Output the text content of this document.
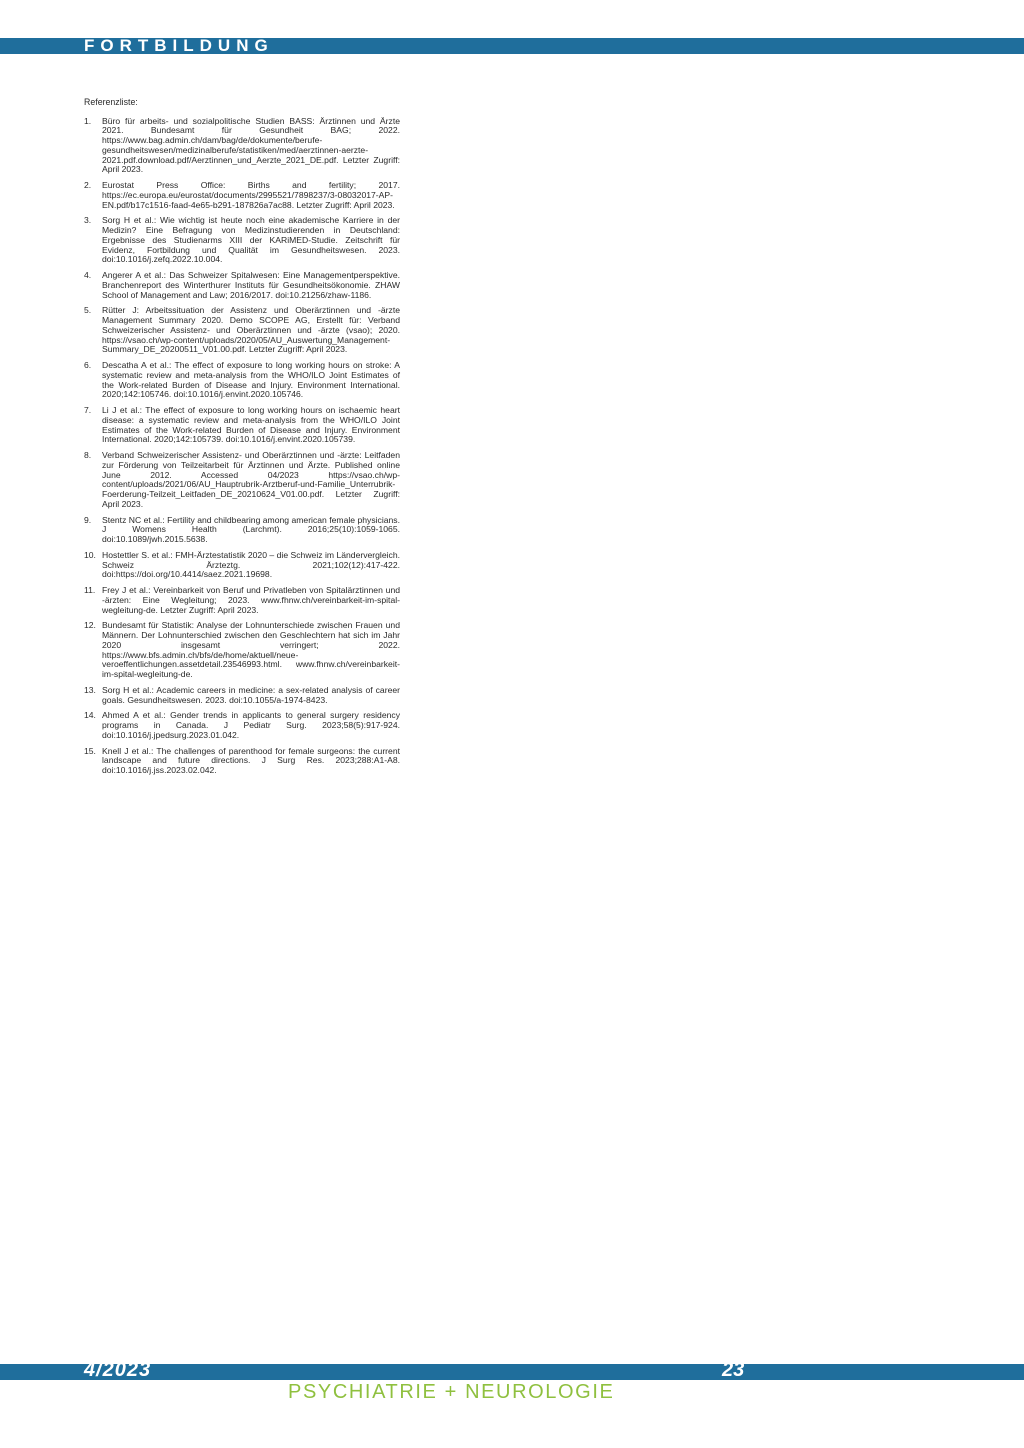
FORTBILDUNG

Referenzliste:

1.	Büro für arbeits- und sozialpolitische Studien BASS: Ärztinnen und Ärzte 2021. Bundesamt für Gesundheit BAG; 2022. https://www.bag.admin.ch/dam/bag/de/dokumente/berufe-gesundheitswesen/medizinalberufe/statistiken/med/aerztinnen-aerzte-2021.pdf.download.pdf/Aerztinnen_und_Aerzte_2021_DE.pdf. Letzter Zugriff: April 2023.
2.	Eurostat Press Office: Births and fertility; 2017. https://ec.europa.eu/eurostat/documents/2995521/7898237/3-08032017-AP-EN.pdf/b17c1516-faad-4e65-b291-187826a7ac88. Letzter Zugriff: April 2023.
3.	Sorg H et al.: Wie wichtig ist heute noch eine akademische Karriere in der Medizin? Eine Befragung von Medizinstudierenden in Deutschland: Ergebnisse des Studienarms XIII der KARiMED-Studie. Zeitschrift für Evidenz, Fortbildung und Qualität im Gesundheitswesen. 2023. doi:10.1016/j.zefq.2022.10.004.
4.	Angerer A et al.: Das Schweizer Spitalwesen: Eine Managementperspektive. Branchenreport des Winterthurer Instituts für Gesundheitsökonomie. ZHAW School of Management and Law; 2016/2017. doi:10.21256/zhaw-1186.
5.	Rütter J: Arbeitssituation der Assistenz und Oberärztinnen und -ärzte Management Summary 2020. Demo SCOPE AG, Erstellt für: Verband Schweizerischer Assistenz- und Oberärztinnen und -ärzte (vsao); 2020. https://vsao.ch/wp-content/uploads/2020/05/AU_Auswertung_Management-Summary_DE_20200511_V01.00.pdf. Letzter Zugriff: April 2023.
6.	Descatha A et al.: The effect of exposure to long working hours on stroke: A systematic review and meta-analysis from the WHO/ILO Joint Estimates of the Work-related Burden of Disease and Injury. Environment International. 2020;142:105746. doi:10.1016/j.envint.2020.105746.
7.	Li J et al.: The effect of exposure to long working hours on ischaemic heart disease: a systematic review and meta-analysis from the WHO/ILO Joint Estimates of the Work-related Burden of Disease and Injury. Environment International. 2020;142:105739. doi:10.1016/j.envint.2020.105739.
8.	Verband Schweizerischer Assistenz- und Oberärztinnen und -ärzte: Leitfaden zur Förderung von Teilzeitarbeit für Ärztinnen und Ärzte. Published online June 2012. Accessed 04/2023 https://vsao.ch/wp-content/uploads/2021/06/AU_Hauptrubrik-Arztberuf-und-Familie_Unterrubrik-Foerderung-Teilzeit_Leitfaden_DE_20210624_V01.00.pdf. Letzter Zugriff: April 2023.
9.	Stentz NC et al.: Fertility and childbearing among american female physicians. J Womens Health (Larchmt). 2016;25(10):1059-1065. doi:10.1089/jwh.2015.5638.
10. Hostettler S. et al.: FMH-Ärztestatistik 2020 – die Schweiz im Ländervergleich. Schweiz Ärzteztg. 2021;102(12):417-422. doi:https://doi.org/10.4414/saez.2021.19698.
11. Frey J et al.: Vereinbarkeit von Beruf und Privatleben von Spitalärztinnen und -ärzten: Eine Wegleitung; 2023. www.fhnw.ch/vereinbarkeit-im-spital-wegleitung-de. Letzter Zugriff: April 2023.
12. Bundesamt für Statistik: Analyse der Lohnunterschiede zwischen Frauen und Männern. Der Lohnunterschied zwischen den Geschlechtern hat sich im Jahr 2020 insgesamt verringert; 2022. https://www.bfs.admin.ch/bfs/de/home/aktuell/neue-veroeffentlichungen.assetdetail.23546993.html. www.fhnw.ch/vereinbarkeit-im-spital-wegleitung-de.
13. Sorg H et al.: Academic careers in medicine: a sex-related analysis of career goals. Gesundheitswesen. 2023. doi:10.1055/a-1974-8423.
14. Ahmed A et al.: Gender trends in applicants to general surgery residency programs in Canada. J Pediatr Surg. 2023;58(5):917-924. doi:10.1016/j.jpedsurg.2023.01.042.
15. Knell J et al.: The challenges of parenthood for female surgeons: the current landscape and future directions. J Surg Res. 2023;288:A1-A8. doi:10.1016/j.jss.2023.02.042.
4/2023	23
PSYCHIATRIE + NEUROLOGIE
